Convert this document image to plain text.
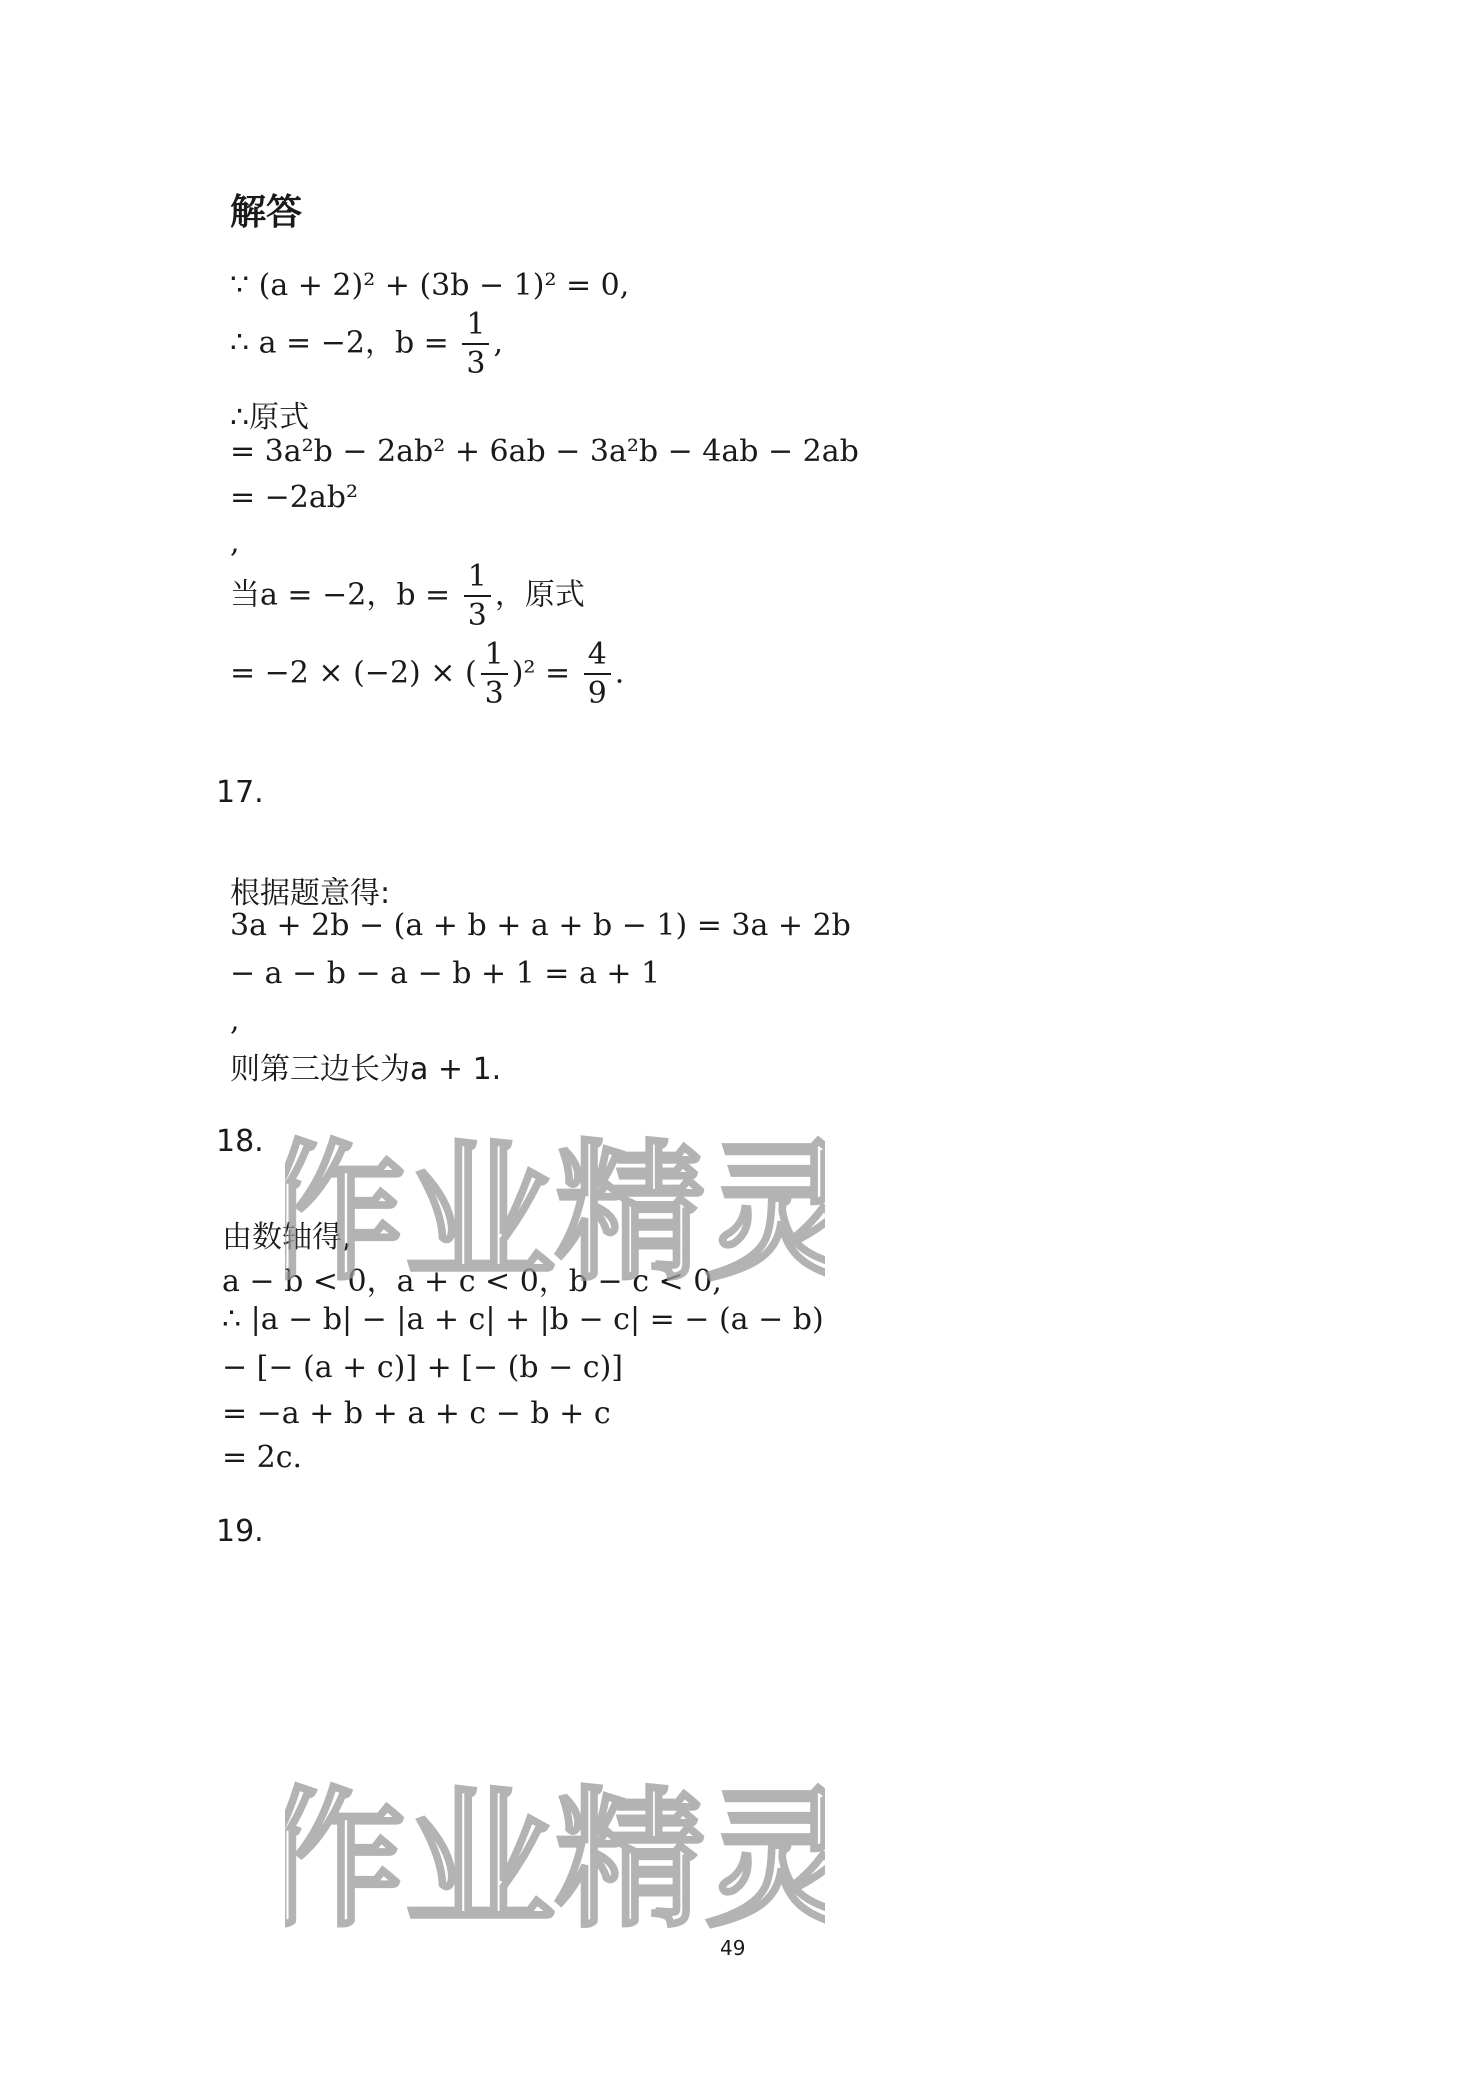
解答
∵ (a + 2)² + (3b − 1)² = 0,
∴ a = −2，$b = \frac{1}{3}$ ,
∴原式
= 3a²b − 2ab² + 6ab − 3a²b − 4ab − 2ab
= −2ab²
,
当a = −2，$b = \frac{1}{3}$ ，原式
= −2 × (−2) × ( $\frac{1}{3} )^2 = \frac{4}{9}$ .
17.
根据题意得:
3a + 2b − (a + b + a + b − 1) = 3a + 2b
− a − b − a − b + 1 = a + 1
,
则第三边长为a + 1.
18.
由数轴得,
a − b < 0，a + c < 0，b − c < 0,
∴ |a − b| − |a + c| + |b − c| = − (a − b)
− [− (a + c)] + [− (b − c)]
= −a + b + a + c − b + c
= 2c.
19.
作业精灵
作业精灵
49
